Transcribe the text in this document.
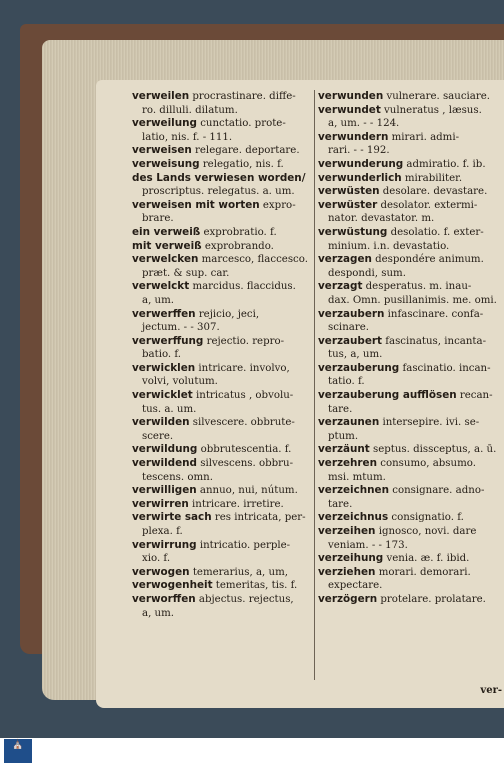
verweilen procrastinare. diffe-

ro. dilluli. dilatum.

verweilung cunctatio. prote-

latio, nis. f. - 111.

verweisen relegare. deportare.

verweisung relegatio, nis. f.

des Lands verwiesen worden/

proscriptus. relegatus. a. um.

verweisen mit worten expro-

brare.

ein verweiß exprobratio. f.

mit verweiß exprobrando.

verwelcken marcesco, flaccesco.

præt. & sup. car.

verwelckt marcidus. flaccidus.

a, um.

verwerffen rejicio, jeci,

jectum. - - 307.

verwerffung rejectio. repro-

batio. f.

verwicklen intricare. involvo,

volvi, volutum.

verwicklet intricatus , obvolu-

tus. a. um.

verwilden silvescere. obbrute-

scere.

verwildung obbrutescentia. f.

verwildend silvescens. obbru-

tescens. omn.

verwilligen annuo, nui, nútum.

verwirren intricare. irretire.

verwirte sach res intricata, per-

plexa. f.

verwirrung intricatio. perple-

xio. f.

verwogen temerarius, a, um,

verwogenheit temeritas, tis. f.

verworffen abjectus. rejectus,

a, um.

verwunden vulnerare. sauciare.

verwundet vulneratus , læsus.

a, um. - - 124.

verwundern mirari. admi-

rari. - - 192.

verwunderung admiratio. f. ib.

verwunderlich mirabiliter.

verwüsten desolare. devastare.

verwüster desolator. extermi-

nator. devastator. m.

verwüstung desolatio. f. exter-

minium. i.n. devastatio.

verzagen despondére animum.

despondi, sum.

verzagt desperatus. m. inau-

dax. Omn. pusillanimis. me. omi.

verzaubern infascinare. confa-

scinare.

verzaubert fascinatus, incanta-

tus, a, um.

verzauberung fascinatio. incan-

tatio. f.

verzauberung aufflösen recan-

tare.

verzaunen intersepire. ivi. se-

ptum.

verzäunt septus. dissceptus, a. ū.

verzehren consumo, absumo.

msi. mtum.

verzeichnen consignare. adno-

tare.

verzeichnus consignatio. f.

verzeihen ignosco, novi. dare

veniam. - - 173.

verzeihung venia. æ. f. ibid.

verziehen morari. demorari.

expectare.

verzögern protelare. prolatare.

ver-
⛪
